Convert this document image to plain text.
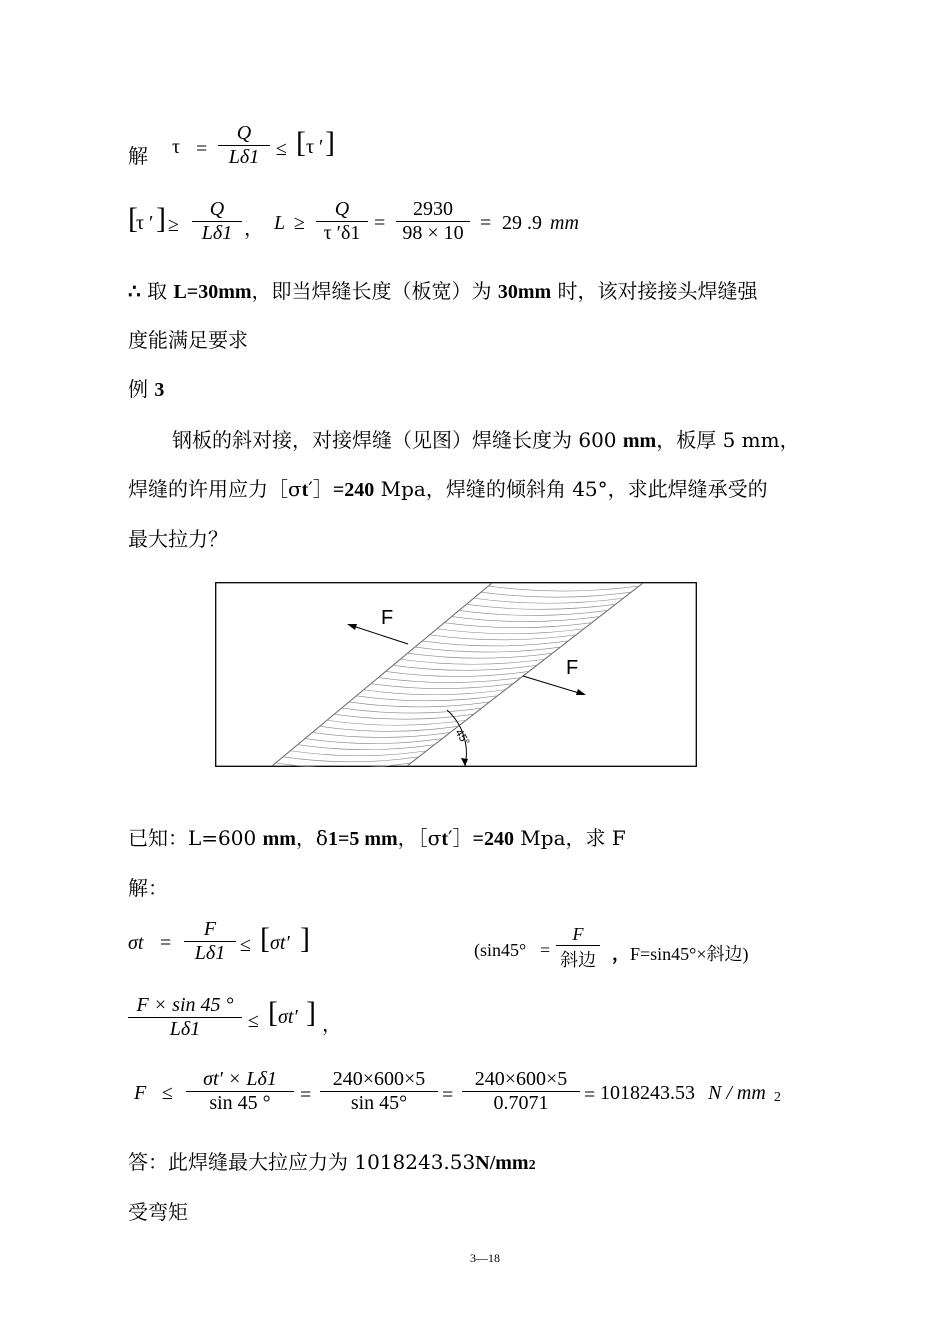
解 τ =
Q
Lδ1 ≤ [ τ ′ ]
[
τ ′ ] ≥
Q
Lδ1 ， L ≥
Q
τ ′δ1 =
2930
98 × 10 = 29 .9 mm
∴ 取 L=30mm，即当焊缝长度（板宽）为 30mm 时，该对接接头焊缝强
度能满足要求
例 3
钢板的斜对接，对接焊缝（见图）焊缝长度为 600 mm，板厚 5 mm，
焊缝的许用应力［σt′］=240 Mpa，焊缝的倾斜角 45°，求此焊缝承受的
最大拉力？
F
F
45°
已知：L=600 mm，δ1=5 mm，［σt′］=240 Mpa，求 F
解：
σt =
F
Lδ1 ≤ [ σt′ ]	(sin45° =
F
斜边 ，F=sin45°×斜边)
F × sin 45 °
Lδ1	≤ [ σt′ ] ，
F ≤
σt′ × Lδ1
sin 45 °	=
240×600×5
sin 45°	=
240×600×5
0.7071	= 1018243.53 N / mm 2
答：此焊缝最大拉应力为 1018243.53N/mm2
受弯矩
3—18
